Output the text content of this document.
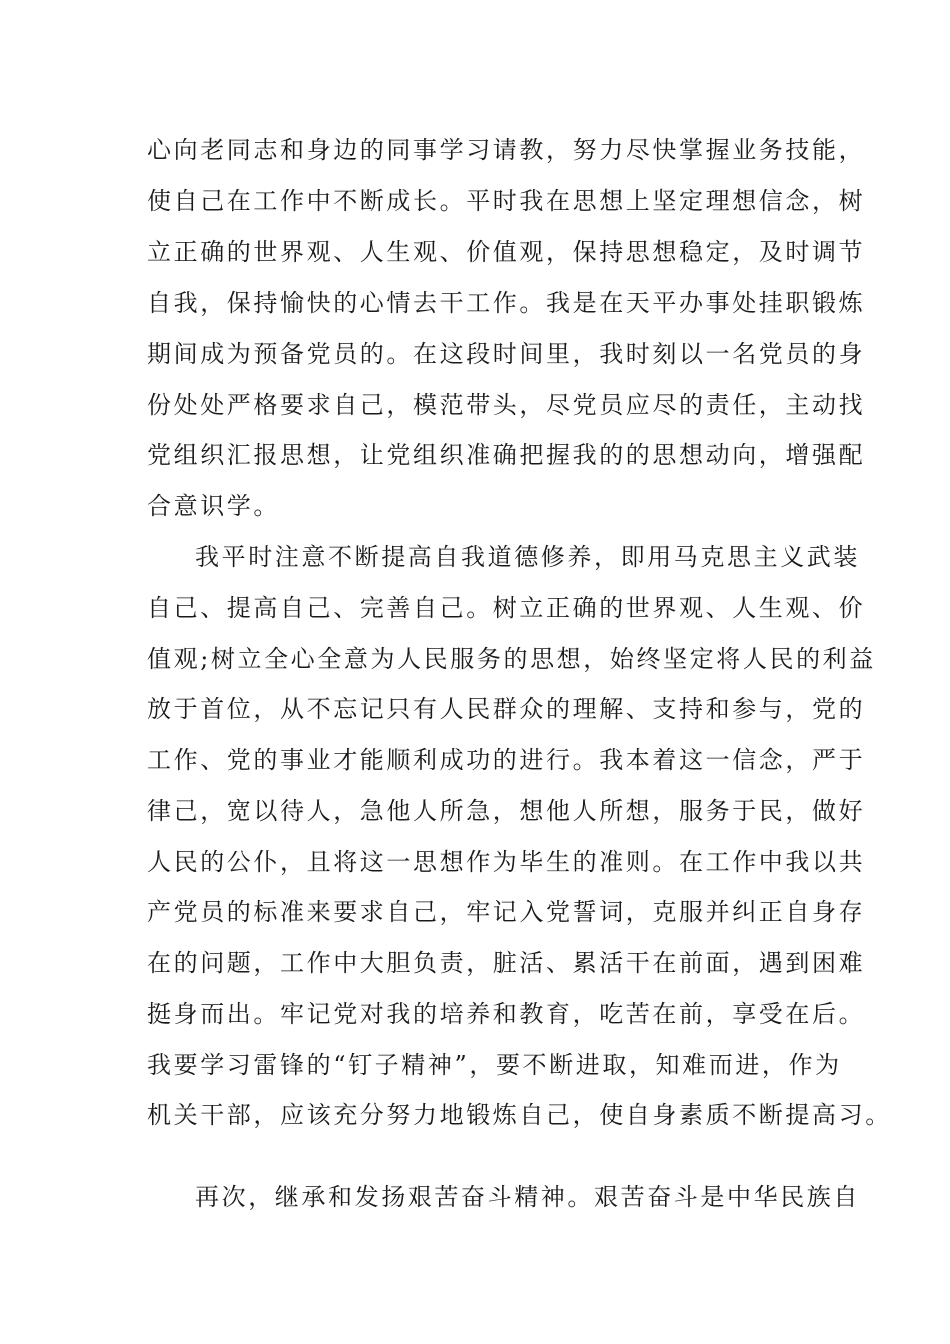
心向老同志和身边的同事学习请教，努力尽快掌握业务技能，
使自己在工作中不断成长。平时我在思想上坚定理想信念，树
立正确的世界观、人生观、价值观，保持思想稳定，及时调节
自我，保持愉快的心情去干工作。我是在天平办事处挂职锻炼
期间成为预备党员的。在这段时间里，我时刻以一名党员的身
份处处严格要求自己，模范带头，尽党员应尽的责任，主动找
党组织汇报思想，让党组织准确把握我的的思想动向，增强配
合意识学。
我平时注意不断提高自我道德修养，即用马克思主义武装
自己、提高自己、完善自己。树立正确的世界观、人生观、价
值观;树立全心全意为人民服务的思想，始终坚定将人民的利益
放于首位，从不忘记只有人民群众的理解、支持和参与，党的
工作、党的事业才能顺利成功的进行。我本着这一信念，严于
律己，宽以待人，急他人所急，想他人所想，服务于民，做好
人民的公仆，且将这一思想作为毕生的准则。在工作中我以共
产党员的标准来要求自己，牢记入党誓词，克服并纠正自身存
在的问题，工作中大胆负责，脏活、累活干在前面，遇到困难
挺身而出。牢记党对我的培养和教育，吃苦在前，享受在后。
我要学习雷锋的“钉子精神”，要不断进取，知难而进，作为
机关干部，应该充分努力地锻炼自己，使自身素质不断提高习。
再次，继承和发扬艰苦奋斗精神。艰苦奋斗是中华民族自
